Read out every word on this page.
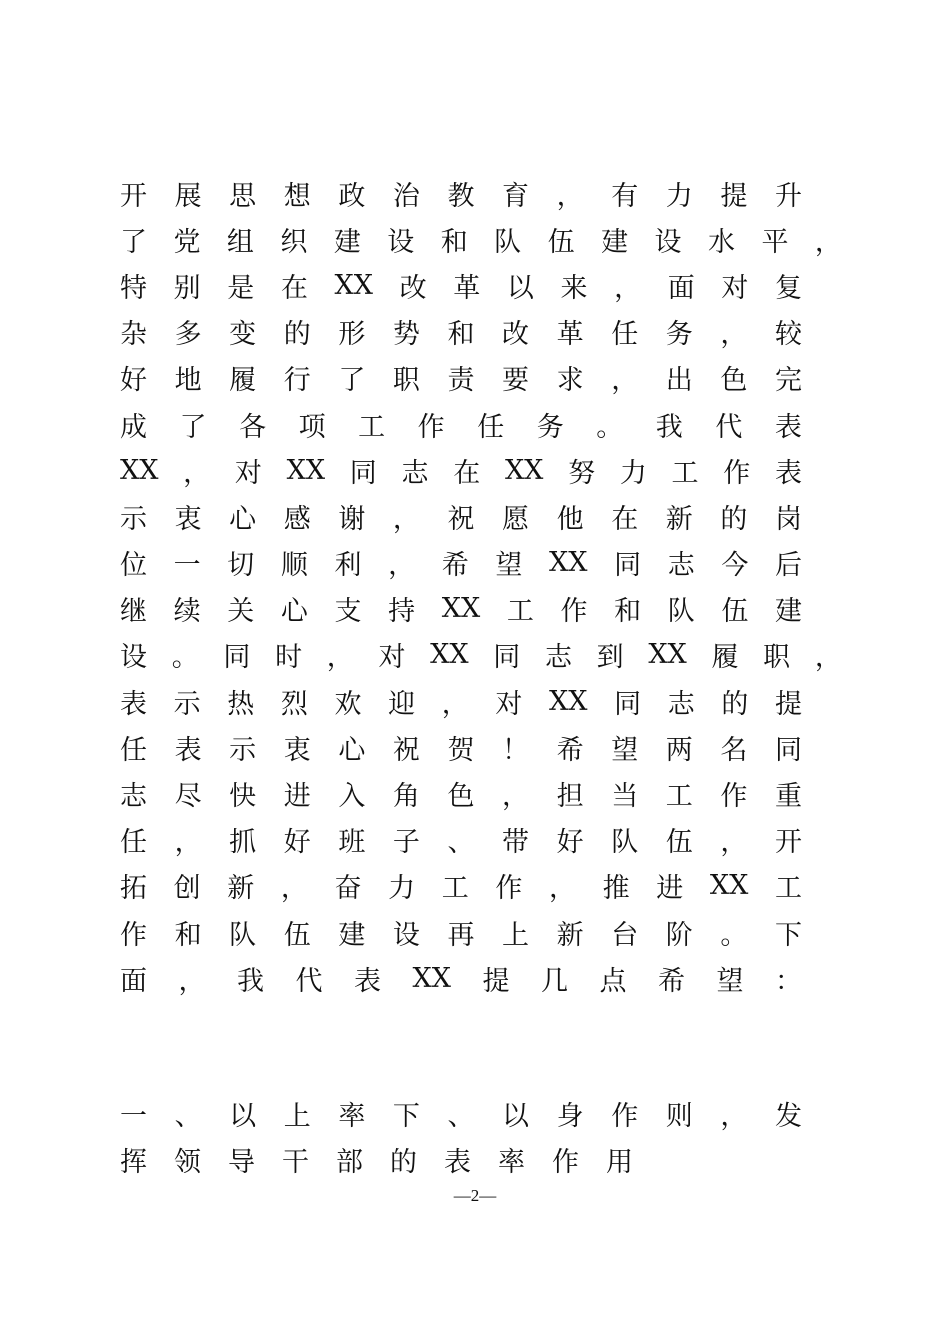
开 展 思 想 政 治 教 育 ， 有 力 提 升
了 党 组 织 建 设 和 队 伍 建 设 水 平 ，
特 别 是 在 XX 改 革 以 来 ， 面 对 复
杂 多 变 的 形 势 和 改 革 任 务 ， 较
好 地 履 行 了 职 责 要 求 ， 出 色 完
成 了 各 项 工 作 任 务 。 我 代 表
XX ， 对 XX 同 志 在 XX 努 力 工 作 表
示 衷 心 感 谢 ， 祝 愿 他 在 新 的 岗
位 一 切 顺 利 ， 希 望 XX 同 志 今 后
继 续 关 心 支 持 XX 工 作 和 队 伍 建
设 。 同 时 ， 对 XX 同 志 到 XX 履 职 ，
表 示 热 烈 欢 迎 ， 对 XX 同 志 的 提
任 表 示 衷 心 祝 贺 ！ 希 望 两 名 同
志 尽 快 进 入 角 色 ， 担 当 工 作 重
任 ， 抓 好 班 子 、 带 好 队 伍 ， 开
拓 创 新 ， 奋 力 工 作 ， 推 进 XX 工
作 和 队 伍 建 设 再 上 新 台 阶 。 下
面 ， 我 代 表 XX 提 几 点 希 望 ：
一 、 以 上 率 下 、 以 身 作 则 ， 发
挥 领 导 干 部 的 表 率 作 用
—2—
